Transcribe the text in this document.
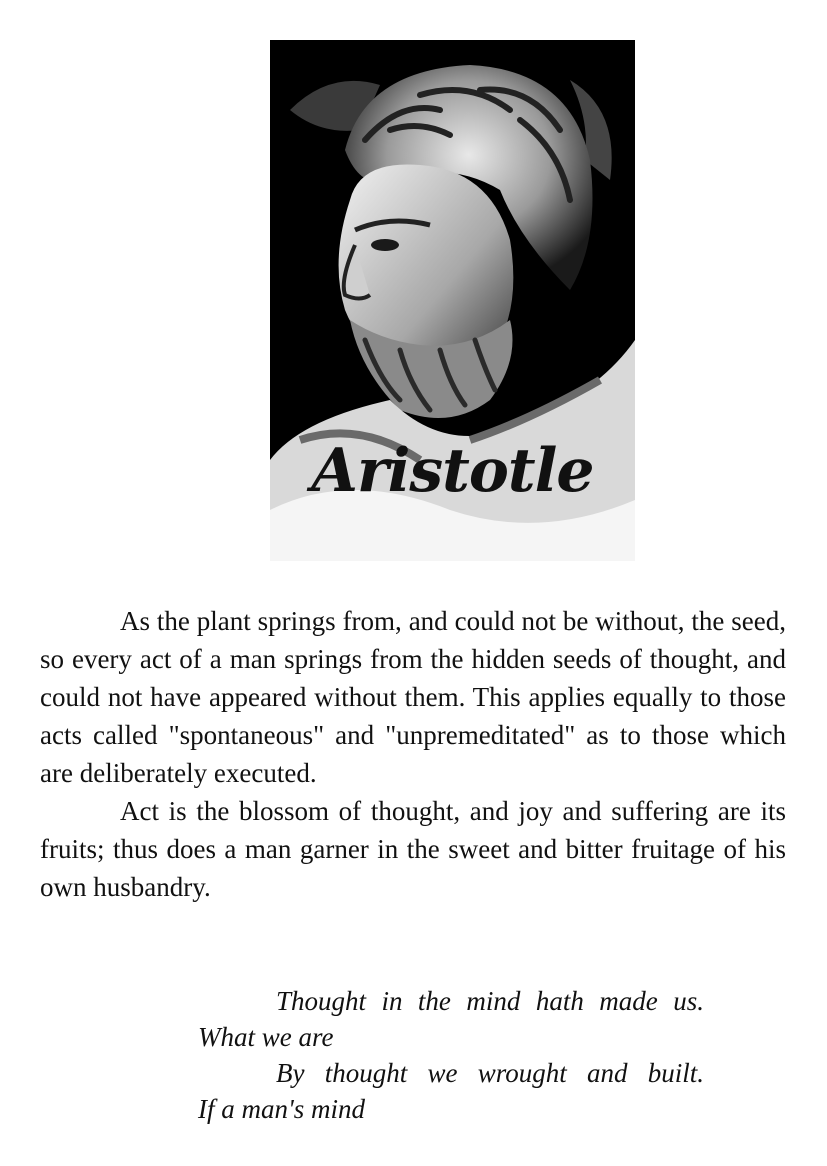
Aristotle

As the plant springs from, and could not be without, the seed, so every act of a man springs from the hidden seeds of thought, and could not have appeared without them. This applies equally to those acts called "spontaneous" and "unpremeditated" as to those which are deliberately executed.

Act is the blossom of thought, and joy and suffering are its fruits; thus does a man garner in the sweet and bitter fruitage of his own husbandry.

Thought in the mind hath made us.
What we are
By thought we wrought and built.
If a man's mind
